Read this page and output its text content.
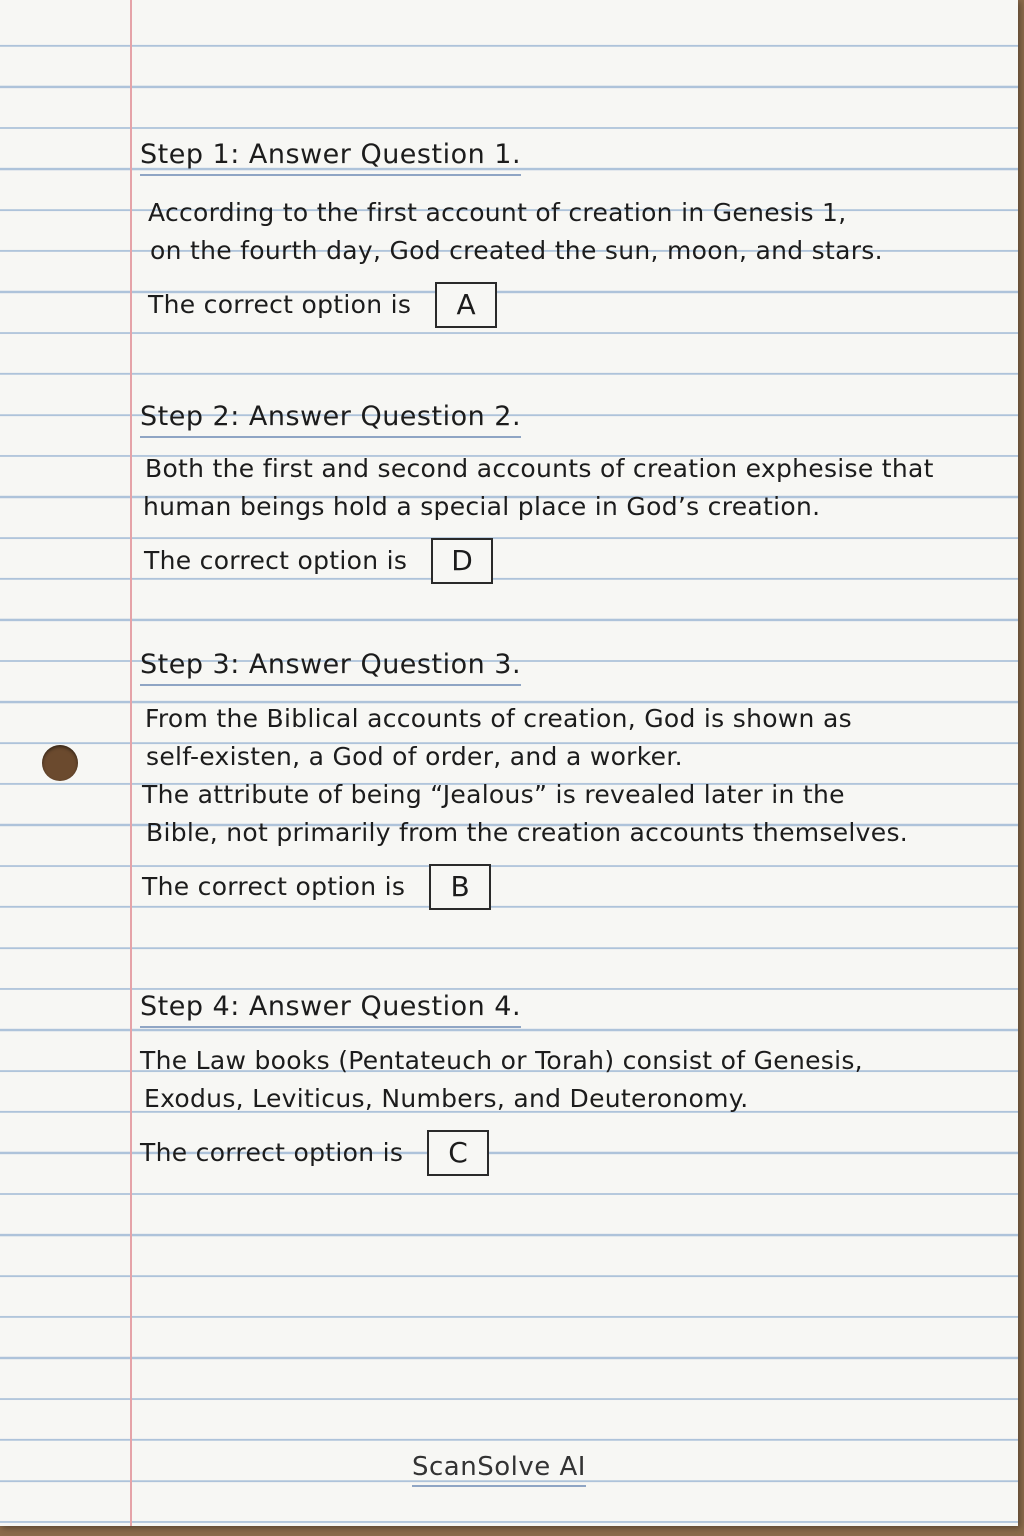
Step 1: Answer Question 1.
According to the first account of creation in Genesis 1,
on the fourth day, God created the sun, moon, and stars.
The correct option is	A
Step 2: Answer Question 2.
Both the first and second accounts of creation exphesise that
human beings hold a special place in God’s creation.
The correct option is	D
Step 3: Answer Question 3.
From the Biblical accounts of creation, God is shown as
self-existen, a God of order, and a worker.
The attribute of being “Jealous” is revealed later in the
Bible, not primarily from the creation accounts themselves.
The correct option is	B
Step 4: Answer Question 4.
The Law books (Pentateuch or Torah) consist of Genesis,
Exodus, Leviticus, Numbers, and Deuteronomy.
The correct option is	C
ScanSolve AI
